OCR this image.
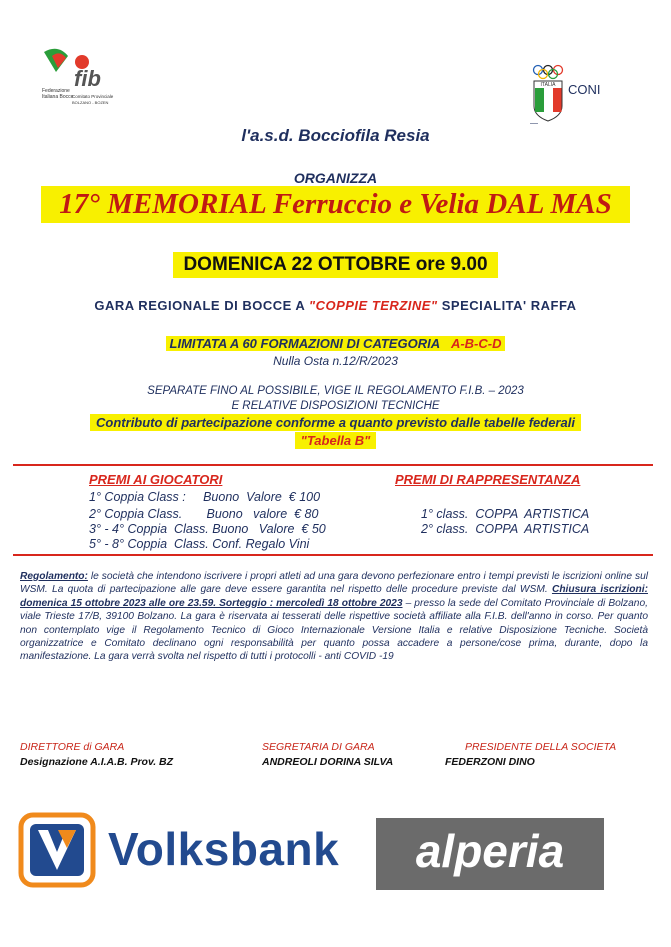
fib
Federazione
Italiana Bocce
Comitato Provinciale
BOLZANO - BOZEN
ITALIA CONI
l'a.s.d. Bocciofila Resia
ORGANIZZA
17° MEMORIAL Ferruccio e Velia DAL MAS
DOMENICA 22 OTTOBRE ore 9.00
GARA REGIONALE DI BOCCE A "COPPIE TERZINE" SPECIALITA' RAFFA
LIMITATA A 60 FORMAZIONI DI CATEGORIA A-B-C-D
Nulla Osta n.12/R/2023
SEPARATE FINO AL POSSIBILE, VIGE IL REGOLAMENTO F.I.B. – 2023
E RELATIVE DISPOSIZIONI TECNICHE
Contributo di partecipazione conforme a quanto previsto dalle tabelle federali
"Tabella B"
PREMI AI GIOCATORI
1° Coppia Class :     Buono  Valore  € 100
2° Coppia Class.       Buono   valore  € 80
3° - 4° Coppia  Class. Buono   Valore  € 50
5° - 8° Coppia  Class. Conf. Regalo Vini
PREMI DI RAPPRESENTANZA
1° class.  COPPA  ARTISTICA
2° class.  COPPA  ARTISTICA
Regolamento: le società che intendono iscrivere i propri atleti ad una gara devono perfezionare entro i tempi previsti le iscrizioni online sul WSM. La quota di partecipazione alle gare deve essere garantita nel rispetto delle procedure previste dal WSM. Chiusura iscrizioni: domenica 15 ottobre 2023 alle ore 23.59. Sorteggio : mercoledì 18 ottobre 2023 – presso la sede del Comitato Provinciale di Bolzano, viale Trieste 17/B, 39100 Bolzano. La gara è riservata ai tesserati delle rispettive società affiliate alla F.I.B. dell'anno in corso. Per quanto non contemplato vige il Regolamento Tecnico di Gioco Internazionale Versione Italia e relative Disposizione Tecniche. Società organizzatrice e Comitato declinano ogni responsabilità per quanto possa accadere a persone/cose prima, durante, dopo la manifestazione. La gara verrà svolta nel rispetto di tutti i protocolli - anti COVID -19
DIRETTORE di GARA
Designazione A.I.A.B. Prov. BZ
SEGRETARIA DI GARA
ANDREOLI DORINA SILVA
PRESIDENTE DELLA SOCIETA
FEDERZONI DINO
Volksbank	alperia
